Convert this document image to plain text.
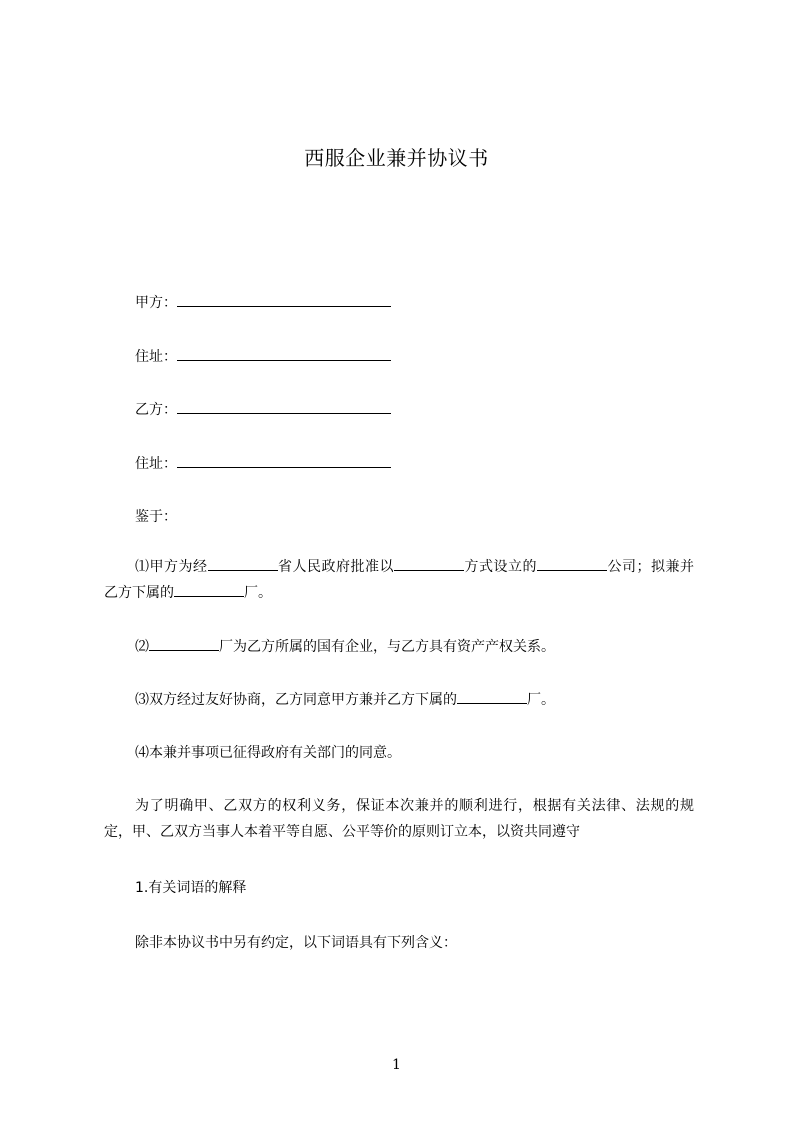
西服企业兼并协议书
甲方：
住址：
乙方：
住址：
鉴于：
⑴甲方为经	省人民政府批准以	方式设立的	公司；拟兼并乙方下属的	厂。
⑵	厂为乙方所属的国有企业，与乙方具有资产产权关系。
⑶双方经过友好协商，乙方同意甲方兼并乙方下属的	厂。
⑷本兼并事项已征得政府有关部门的同意。
为了明确甲、乙双方的权利义务，保证本次兼并的顺利进行，根据有关法律、法规的规定，甲、乙双方当事人本着平等自愿、公平等价的原则订立本，以资共同遵守
1.有关词语的解释
除非本协议书中另有约定，以下词语具有下列含义：
1
